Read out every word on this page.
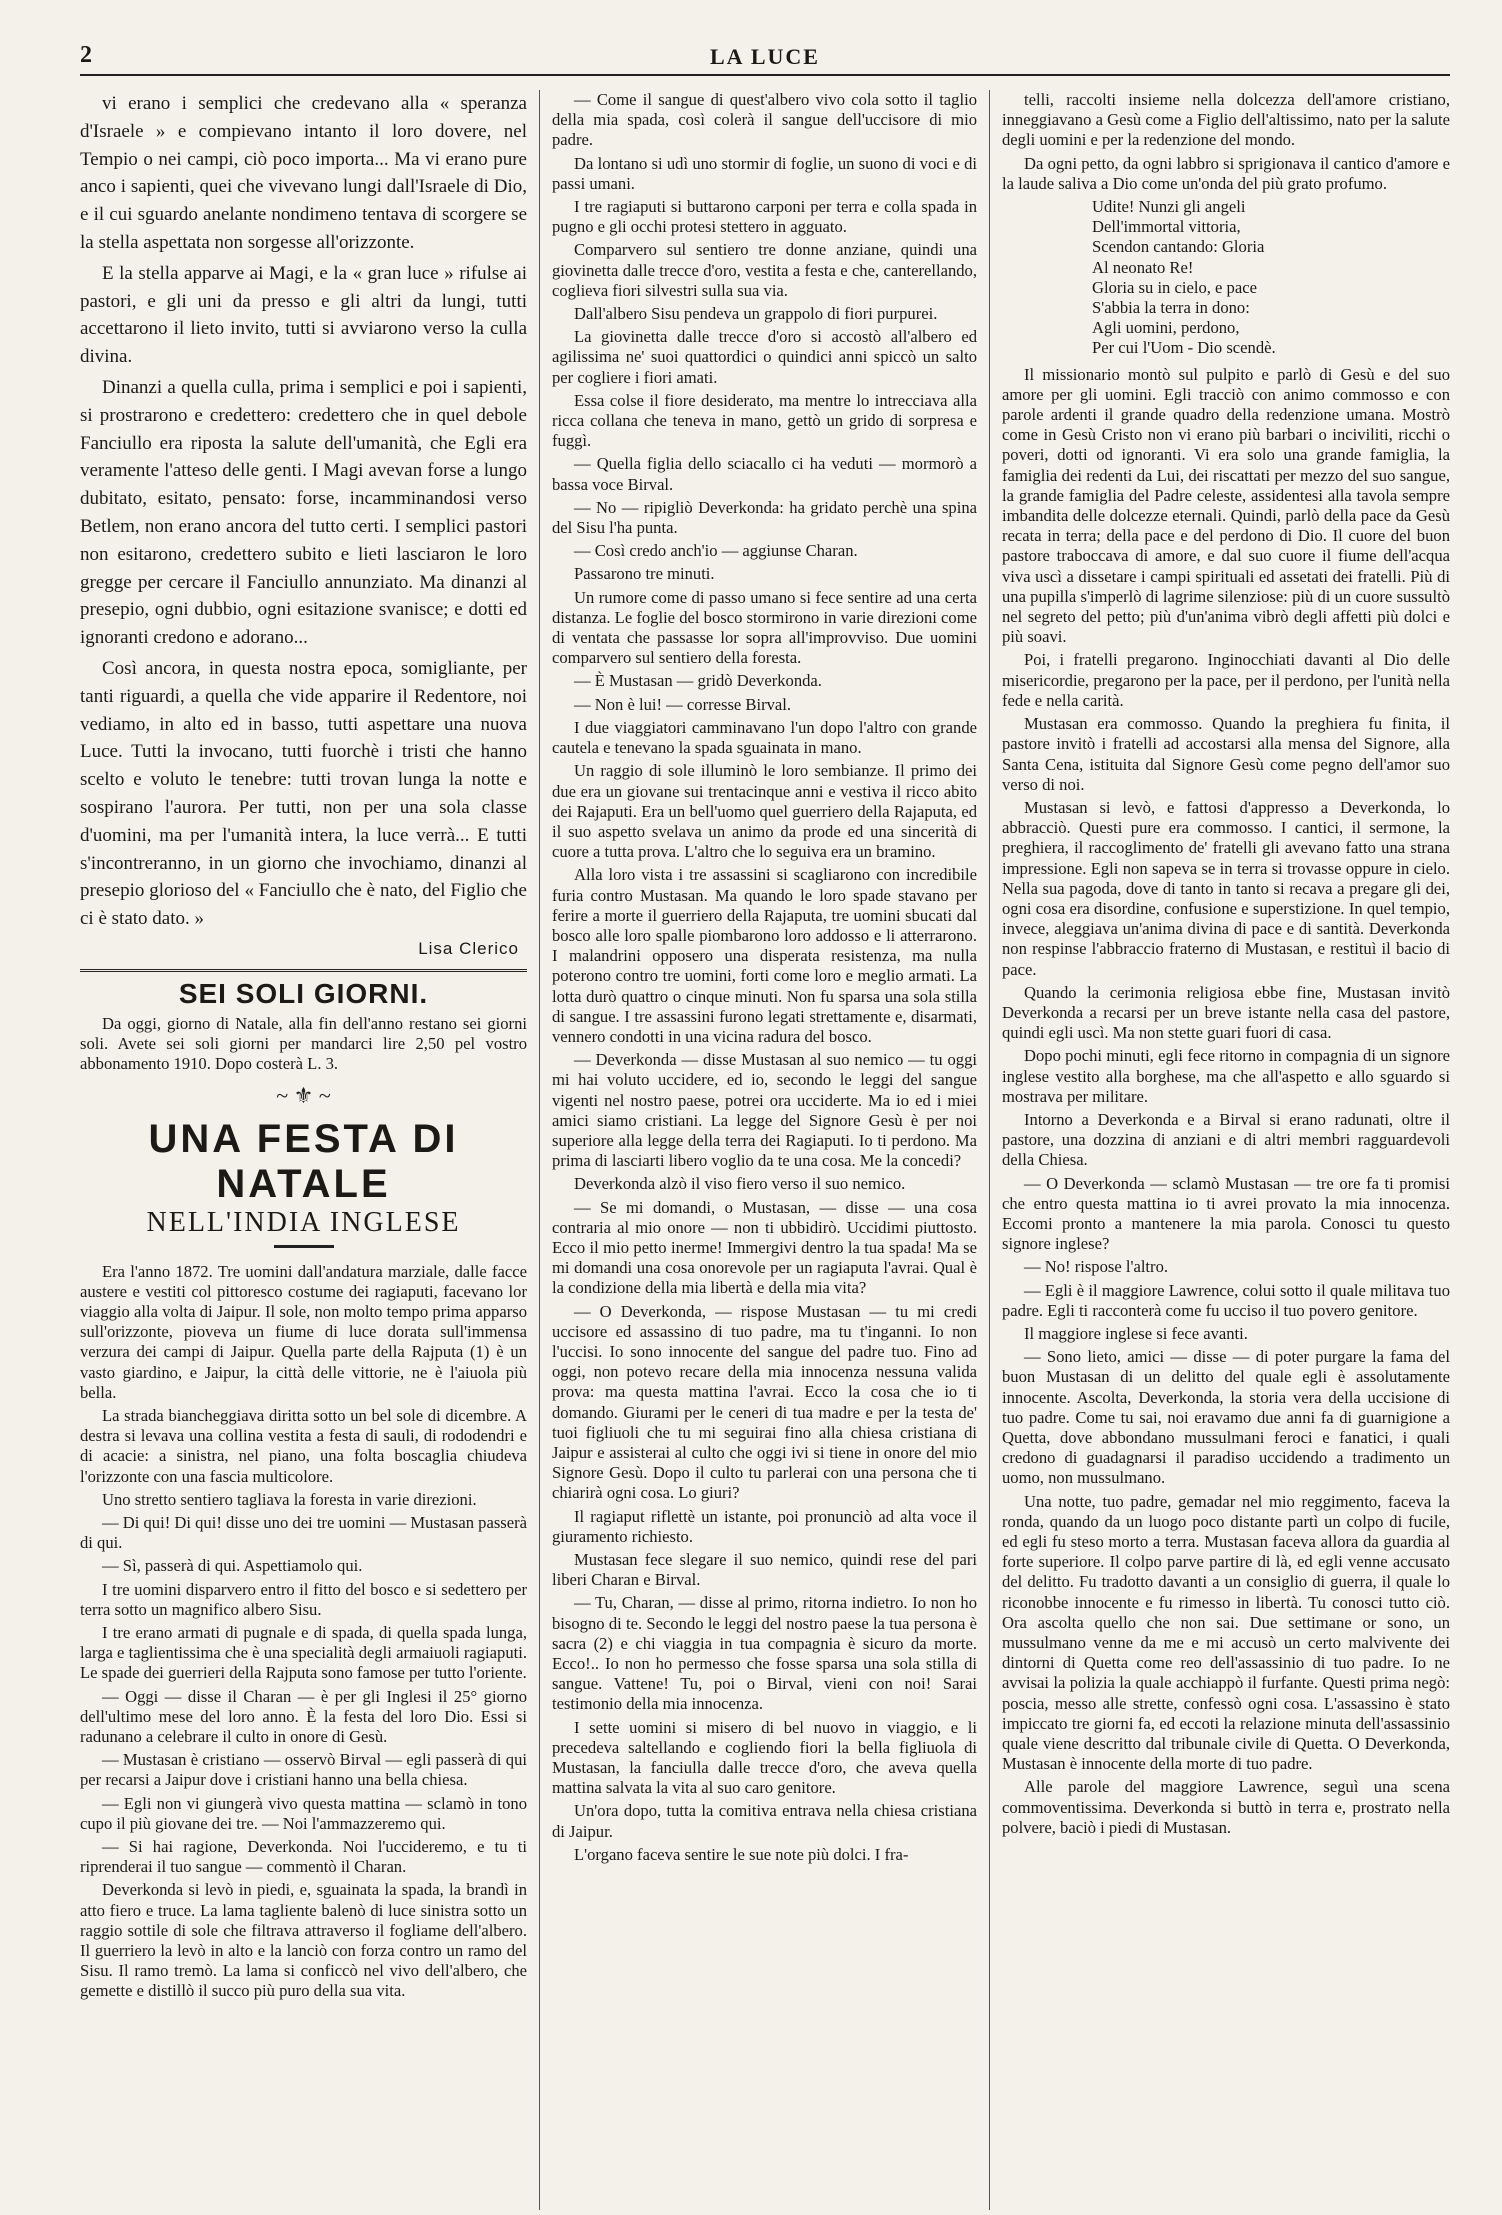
2	LA LUCE

vi erano i semplici che credevano alla « speranza d'Israele » e compievano intanto il loro dovere, nel Tempio o nei campi, ciò poco importa... Ma vi erano pure anco i sapienti, quei che vivevano lungi dall'Israele di Dio, e il cui sguardo anelante nondimeno tentava di scorgere se la stella aspettata non sorgesse all'orizzonte.

E la stella apparve ai Magi, e la « gran luce » rifulse ai pastori, e gli uni da presso e gli altri da lungi, tutti accettarono il lieto invito, tutti si avviarono verso la culla divina.

Dinanzi a quella culla, prima i semplici e poi i sapienti, si prostrarono e credettero: credettero che in quel debole Fanciullo era riposta la salute dell'umanità, che Egli era veramente l'atteso delle genti. I Magi avevan forse a lungo dubitato, esitato, pensato: forse, incamminandosi verso Betlem, non erano ancora del tutto certi. I semplici pastori non esitarono, credettero subito e lieti lasciaron le loro gregge per cercare il Fanciullo annunziato. Ma dinanzi al presepio, ogni dubbio, ogni esitazione svanisce; e dotti ed ignoranti credono e adorano...

Così ancora, in questa nostra epoca, somigliante, per tanti riguardi, a quella che vide apparire il Redentore, noi vediamo, in alto ed in basso, tutti aspettare una nuova Luce. Tutti la invocano, tutti fuorchè i tristi che hanno scelto e voluto le tenebre: tutti trovan lunga la notte e sospirano l'aurora. Per tutti, non per una sola classe d'uomini, ma per l'umanità intera, la luce verrà... E tutti s'incontreranno, in un giorno che invochiamo, dinanzi al presepio glorioso del « Fanciullo che è nato, del Figlio che ci è stato dato. »

Lisa Clerico
SEI SOLI GIORNI.

Da oggi, giorno di Natale, alla fin dell'anno restano sei giorni soli. Avete sei soli giorni per mandarci lire 2,50 pel vostro abbonamento 1910. Dopo costerà L. 3.

~ ⚜ ~
UNA FESTA DI NATALE
NELL'INDIA INGLESE

Era l'anno 1872. Tre uomini dall'andatura marziale, dalle facce austere e vestiti col pittoresco costume dei ragiaputi, facevano lor viaggio alla volta di Jaipur. Il sole, non molto tempo prima apparso sull'orizzonte, pioveva un fiume di luce dorata sull'immensa verzura dei campi di Jaipur. Quella parte della Rajputa (1) è un vasto giardino, e Jaipur, la città delle vittorie, ne è l'aiuola più bella.

La strada biancheggiava diritta sotto un bel sole di dicembre. A destra si levava una collina vestita a festa di sauli, di rododendri e di acacie: a sinistra, nel piano, una folta boscaglia chiudeva l'orizzonte con una fascia multicolore.

Uno stretto sentiero tagliava la foresta in varie direzioni.

— Di qui! Di qui! disse uno dei tre uomini — Mustasan passerà di qui.

— Sì, passerà di qui. Aspettiamolo qui.

I tre uomini disparvero entro il fitto del bosco e si sedettero per terra sotto un magnifico albero Sisu.

I tre erano armati di pugnale e di spada, di quella spada lunga, larga e taglientissima che è una specialità degli armaiuoli ragiaputi. Le spade dei guerrieri della Rajputa sono famose per tutto l'oriente.

— Oggi — disse il Charan — è per gli Inglesi il 25° giorno dell'ultimo mese del loro anno. È la festa del loro Dio. Essi si radunano a celebrare il culto in onore di Gesù.

— Mustasan è cristiano — osservò Birval — egli passerà di qui per recarsi a Jaipur dove i cristiani hanno una bella chiesa.

— Egli non vi giungerà vivo questa mattina — sclamò in tono cupo il più giovane dei tre. — Noi l'ammazzeremo qui.

— Si hai ragione, Deverkonda. Noi l'uccideremo, e tu ti riprenderai il tuo sangue — commentò il Charan.

Deverkonda si levò in piedi, e, sguainata la spada, la brandì in atto fiero e truce. La lama tagliente balenò di luce sinistra sotto un raggio sottile di sole che filtrava attraverso il fogliame dell'albero. Il guerriero la levò in alto e la lanciò con forza contro un ramo del Sisu. Il ramo tremò. La lama si conficcò nel vivo dell'albero, che gemette e distillò il succo più puro della sua vita.

— Come il sangue di quest'albero vivo cola sotto il taglio della mia spada, così colerà il sangue dell'uccisore di mio padre.

Da lontano si udì uno stormir di foglie, un suono di voci e di passi umani.

I tre ragiaputi si buttarono carponi per terra e colla spada in pugno e gli occhi protesi stettero in agguato.

Comparvero sul sentiero tre donne anziane, quindi una giovinetta dalle trecce d'oro, vestita a festa e che, canterellando, coglieva fiori silvestri sulla sua via.

Dall'albero Sisu pendeva un grappolo di fiori purpurei.

La giovinetta dalle trecce d'oro si accostò all'albero ed agilissima ne' suoi quattordici o quindici anni spiccò un salto per cogliere i fiori amati.

Essa colse il fiore desiderato, ma mentre lo intrecciava alla ricca collana che teneva in mano, gettò un grido di sorpresa e fuggì.

— Quella figlia dello sciacallo ci ha veduti — mormorò a bassa voce Birval.

— No — ripigliò Deverkonda: ha gridato perchè una spina del Sisu l'ha punta.

— Così credo anch'io — aggiunse Charan.

Passarono tre minuti.

Un rumore come di passo umano si fece sentire ad una certa distanza. Le foglie del bosco stormirono in varie direzioni come di ventata che passasse lor sopra all'improvviso. Due uomini comparvero sul sentiero della foresta.

— È Mustasan — gridò Deverkonda.

— Non è lui! — corresse Birval.

I due viaggiatori camminavano l'un dopo l'altro con grande cautela e tenevano la spada sguainata in mano.

Un raggio di sole illuminò le loro sembianze. Il primo dei due era un giovane sui trentacinque anni e vestiva il ricco abito dei Rajaputi. Era un bell'uomo quel guerriero della Rajaputa, ed il suo aspetto svelava un animo da prode ed una sincerità di cuore a tutta prova. L'altro che lo seguiva era un bramino.

Alla loro vista i tre assassini si scagliarono con incredibile furia contro Mustasan. Ma quando le loro spade stavano per ferire a morte il guerriero della Rajaputa, tre uomini sbucati dal bosco alle loro spalle piombarono loro addosso e li atterrarono. I malandrini opposero una disperata resistenza, ma nulla poterono contro tre uomini, forti come loro e meglio armati. La lotta durò quattro o cinque minuti. Non fu sparsa una sola stilla di sangue. I tre assassini furono legati strettamente e, disarmati, vennero condotti in una vicina radura del bosco.

— Deverkonda — disse Mustasan al suo nemico — tu oggi mi hai voluto uccidere, ed io, secondo le leggi del sangue vigenti nel nostro paese, potrei ora ucciderte. Ma io ed i miei amici siamo cristiani. La legge del Signore Gesù è per noi superiore alla legge della terra dei Ragiaputi. Io ti perdono. Ma prima di lasciarti libero voglio da te una cosa. Me la concedi?

Deverkonda alzò il viso fiero verso il suo nemico.

— Se mi domandi, o Mustasan, — disse — una cosa contraria al mio onore — non ti ubbidirò. Uccidimi piuttosto. Ecco il mio petto inerme! Immergivi dentro la tua spada! Ma se mi domandi una cosa onorevole per un ragiaputa l'avrai. Qual è la condizione della mia libertà e della mia vita?

— O Deverkonda, — rispose Mustasan — tu mi credi uccisore ed assassino di tuo padre, ma tu t'inganni. Io non l'uccisi. Io sono innocente del sangue del padre tuo. Fino ad oggi, non potevo recare della mia innocenza nessuna valida prova: ma questa mattina l'avrai. Ecco la cosa che io ti domando. Giurami per le ceneri di tua madre e per la testa de' tuoi figliuoli che tu mi seguirai fino alla chiesa cristiana di Jaipur e assisterai al culto che oggi ivi si tiene in onore del mio Signore Gesù. Dopo il culto tu parlerai con una persona che ti chiarirà ogni cosa. Lo giuri?

Il ragiaput riflettè un istante, poi pronunciò ad alta voce il giuramento richiesto.

Mustasan fece slegare il suo nemico, quindi rese del pari liberi Charan e Birval.

— Tu, Charan, — disse al primo, ritorna indietro. Io non ho bisogno di te. Secondo le leggi del nostro paese la tua persona è sacra (2) e chi viaggia in tua compagnia è sicuro da morte. Ecco!.. Io non ho permesso che fosse sparsa una sola stilla di sangue. Vattene! Tu, poi o Birval, vieni con noi! Sarai testimonio della mia innocenza.

I sette uomini si misero di bel nuovo in viaggio, e li precedeva saltellando e cogliendo fiori la bella figliuola di Mustasan, la fanciulla dalle trecce d'oro, che aveva quella mattina salvata la vita al suo caro genitore.

Un'ora dopo, tutta la comitiva entrava nella chiesa cristiana di Jaipur.

L'organo faceva sentire le sue note più dolci. I fra-

telli, raccolti insieme nella dolcezza dell'amore cristiano, inneggiavano a Gesù come a Figlio dell'altissimo, nato per la salute degli uomini e per la redenzione del mondo.

Da ogni petto, da ogni labbro si sprigionava il cantico d'amore e la laude saliva a Dio come un'onda del più grato profumo.

Udite! Nunzi gli angeli
Dell'immortal vittoria,
Scendon cantando: Gloria
Al neonato Re!
Gloria su in cielo, e pace
S'abbia la terra in dono:
Agli uomini, perdono,
Per cui l'Uom - Dio scendè.

Il missionario montò sul pulpito e parlò di Gesù e del suo amore per gli uomini. Egli tracciò con animo commosso e con parole ardenti il grande quadro della redenzione umana. Mostrò come in Gesù Cristo non vi erano più barbari o inciviliti, ricchi o poveri, dotti od ignoranti. Vi era solo una grande famiglia, la famiglia dei redenti da Lui, dei riscattati per mezzo del suo sangue, la grande famiglia del Padre celeste, assidentesi alla tavola sempre imbandita delle dolcezze eternali. Quindi, parlò della pace da Gesù recata in terra; della pace e del perdono di Dio. Il cuore del buon pastore traboccava di amore, e dal suo cuore il fiume dell'acqua viva uscì a dissetare i campi spirituali ed assetati dei fratelli. Più di una pupilla s'imperlò di lagrime silenziose: più di un cuore sussultò nel segreto del petto; più d'un'anima vibrò degli affetti più dolci e più soavi.

Poi, i fratelli pregarono. Inginocchiati davanti al Dio delle misericordie, pregarono per la pace, per il perdono, per l'unità nella fede e nella carità.

Mustasan era commosso. Quando la preghiera fu finita, il pastore invitò i fratelli ad accostarsi alla mensa del Signore, alla Santa Cena, istituita dal Signore Gesù come pegno dell'amor suo verso di noi.

Mustasan si levò, e fattosi d'appresso a Deverkonda, lo abbracciò. Questi pure era commosso. I cantici, il sermone, la preghiera, il raccoglimento de' fratelli gli avevano fatto una strana impressione. Egli non sapeva se in terra si trovasse oppure in cielo. Nella sua pagoda, dove di tanto in tanto si recava a pregare gli dei, ogni cosa era disordine, confusione e superstizione. In quel tempio, invece, aleggiava un'anima divina di pace e di santità. Deverkonda non respinse l'abbraccio fraterno di Mustasan, e restituì il bacio di pace.

Quando la cerimonia religiosa ebbe fine, Mustasan invitò Deverkonda a recarsi per un breve istante nella casa del pastore, quindi egli uscì. Ma non stette guari fuori di casa.

Dopo pochi minuti, egli fece ritorno in compagnia di un signore inglese vestito alla borghese, ma che all'aspetto e allo sguardo si mostrava per militare.

Intorno a Deverkonda e a Birval si erano radunati, oltre il pastore, una dozzina di anziani e di altri membri ragguardevoli della Chiesa.

— O Deverkonda — sclamò Mustasan — tre ore fa ti promisi che entro questa mattina io ti avrei provato la mia innocenza. Eccomi pronto a mantenere la mia parola. Conosci tu questo signore inglese?

— No! rispose l'altro.

— Egli è il maggiore Lawrence, colui sotto il quale militava tuo padre. Egli ti racconterà come fu ucciso il tuo povero genitore.

Il maggiore inglese si fece avanti.

— Sono lieto, amici — disse — di poter purgare la fama del buon Mustasan di un delitto del quale egli è assolutamente innocente. Ascolta, Deverkonda, la storia vera della uccisione di tuo padre. Come tu sai, noi eravamo due anni fa di guarnigione a Quetta, dove abbondano mussulmani feroci e fanatici, i quali credono di guadagnarsi il paradiso uccidendo a tradimento un uomo, non mussulmano.

Una notte, tuo padre, gemadar nel mio reggimento, faceva la ronda, quando da un luogo poco distante partì un colpo di fucile, ed egli fu steso morto a terra. Mustasan faceva allora da guardia al forte superiore. Il colpo parve partire di là, ed egli venne accusato del delitto. Fu tradotto davanti a un consiglio di guerra, il quale lo riconobbe innocente e fu rimesso in libertà. Tu conosci tutto ciò. Ora ascolta quello che non sai. Due settimane or sono, un mussulmano venne da me e mi accusò un certo malvivente dei dintorni di Quetta come reo dell'assassinio di tuo padre. Io ne avvisai la polizia la quale acchiappò il furfante. Questi prima negò: poscia, messo alle strette, confessò ogni cosa. L'assassino è stato impiccato tre giorni fa, ed eccoti la relazione minuta dell'assassinio quale viene descritto dal tribunale civile di Quetta. O Deverkonda, Mustasan è innocente della morte di tuo padre.

Alle parole del maggiore Lawrence, seguì una scena commoventissima. Deverkonda si buttò in terra e, prostrato nella polvere, baciò i piedi di Mustasan.
